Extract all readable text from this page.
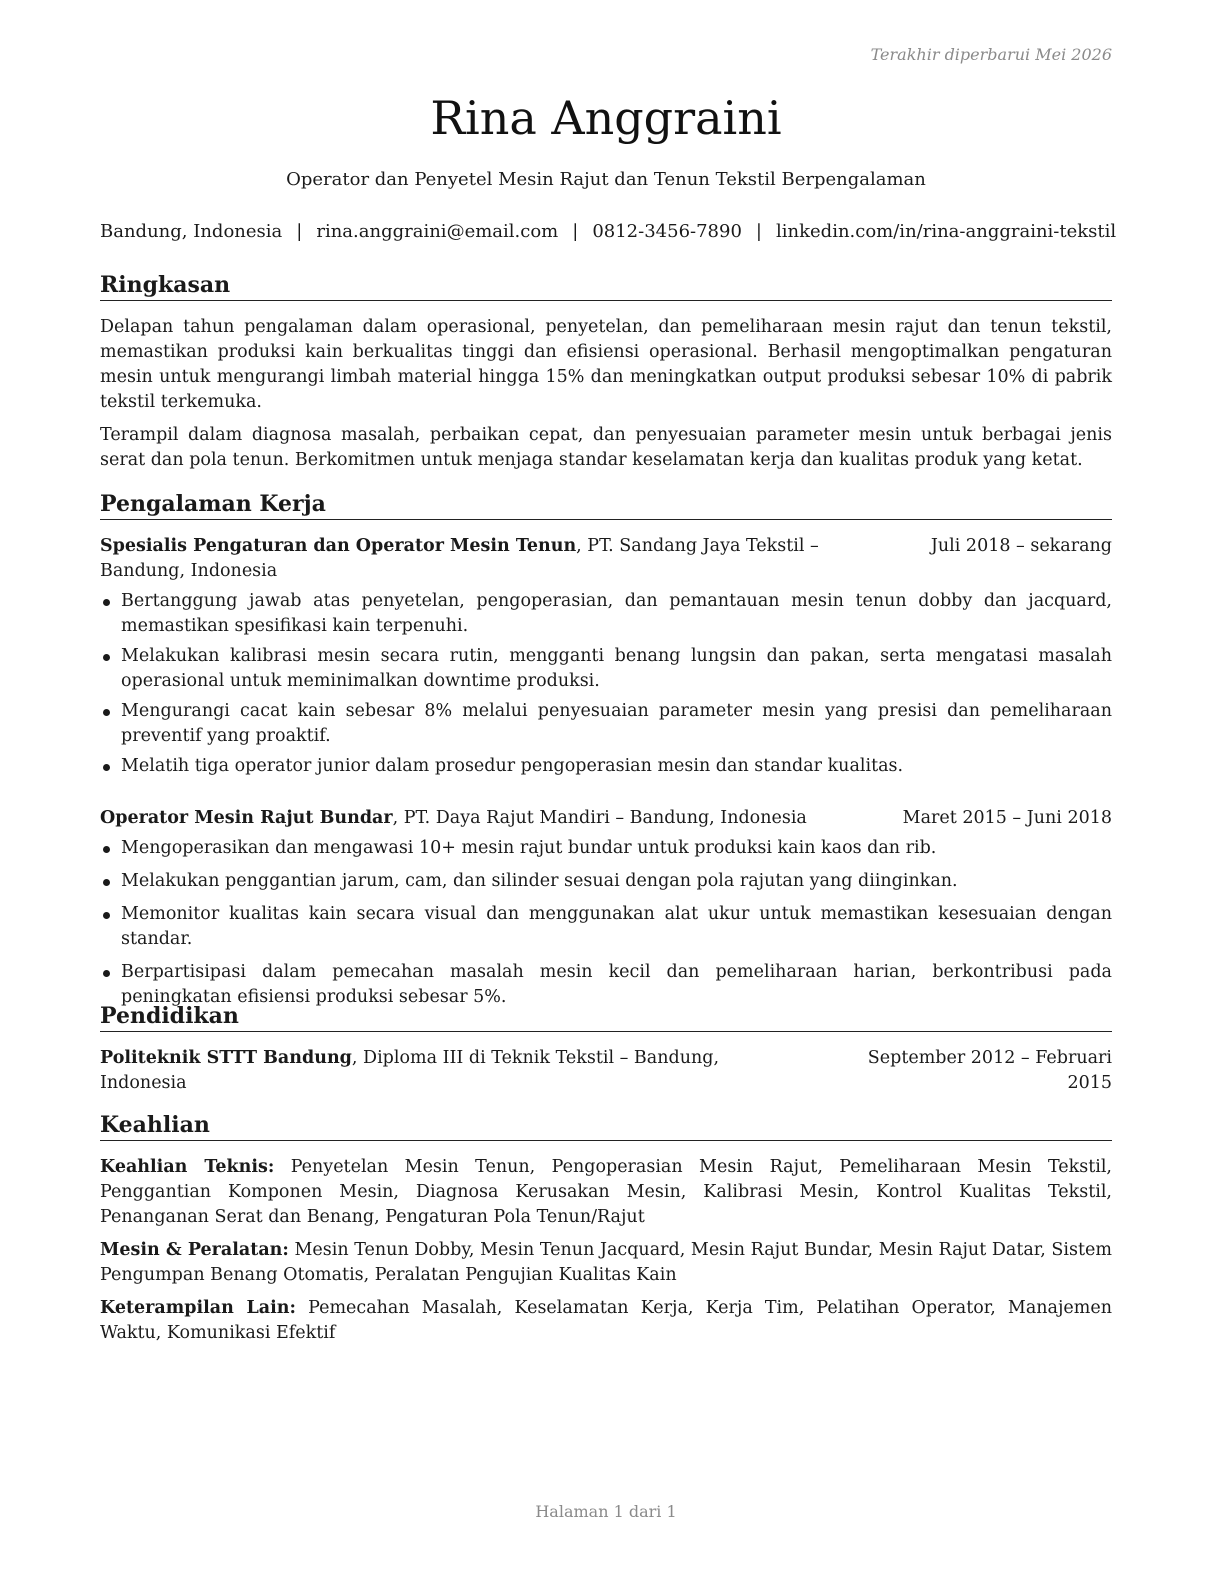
Terakhir diperbarui Mei 2026
Rina Anggraini
Operator dan Penyetel Mesin Rajut dan Tenun Tekstil Berpengalaman
Bandung, Indonesia | rina.anggraini@email.com | 0812-3456-7890 | linkedin.com/in/rina-anggraini-tekstil
Ringkasan

Delapan tahun pengalaman dalam operasional, penyetelan, dan pemeliharaan mesin rajut dan tenun tekstil, memastikan produksi kain berkualitas tinggi dan efisiensi operasional. Berhasil mengoptimalkan pengaturan mesin untuk mengurangi limbah material hingga 15% dan meningkatkan output produksi sebesar 10% di pabrik tekstil terkemuka.

Terampil dalam diagnosa masalah, perbaikan cepat, dan penyesuaian parameter mesin untuk berbagai jenis serat dan pola tenun. Berkomitmen untuk menjaga standar keselamatan kerja dan kualitas produk yang ketat.

Pengalaman Kerja
Spesialis Pengaturan dan Operator Mesin Tenun, PT. Sandang Jaya Tekstil – Bandung, Indonesia
Juli 2018 – sekarang
Bertanggung jawab atas penyetelan, pengoperasian, dan pemantauan mesin tenun dobby dan jacquard, memastikan spesifikasi kain terpenuhi.
Melakukan kalibrasi mesin secara rutin, mengganti benang lungsin dan pakan, serta mengatasi masalah operasional untuk meminimalkan downtime produksi.
Mengurangi cacat kain sebesar 8% melalui penyesuaian parameter mesin yang presisi dan pemeliharaan preventif yang proaktif.
Melatih tiga operator junior dalam prosedur pengoperasian mesin dan standar kualitas.
Operator Mesin Rajut Bundar, PT. Daya Rajut Mandiri – Bandung, Indonesia	Maret 2015 – Juni 2018
Mengoperasikan dan mengawasi 10+ mesin rajut bundar untuk produksi kain kaos dan rib.
Melakukan penggantian jarum, cam, dan silinder sesuai dengan pola rajutan yang diinginkan.
Memonitor kualitas kain secara visual dan menggunakan alat ukur untuk memastikan kesesuaian dengan standar.
Berpartisipasi dalam pemecahan masalah mesin kecil dan pemeliharaan harian, berkontribusi pada peningkatan efisiensi produksi sebesar 5%.
Pendidikan
Politeknik STTT Bandung, Diploma III di Teknik Tekstil – Bandung, Indonesia
September 2012 – Februari 2015
Keahlian

Keahlian Teknis: Penyetelan Mesin Tenun, Pengoperasian Mesin Rajut, Pemeliharaan Mesin Tekstil, Penggantian Komponen Mesin, Diagnosa Kerusakan Mesin, Kalibrasi Mesin, Kontrol Kualitas Tekstil, Penanganan Serat dan Benang, Pengaturan Pola Tenun/Rajut

Mesin & Peralatan: Mesin Tenun Dobby, Mesin Tenun Jacquard, Mesin Rajut Bundar, Mesin Rajut Datar, Sistem Pengumpan Benang Otomatis, Peralatan Pengujian Kualitas Kain

Keterampilan Lain: Pemecahan Masalah, Keselamatan Kerja, Kerja Tim, Pelatihan Operator, Manajemen Waktu, Komunikasi Efektif

Halaman 1 dari 1
